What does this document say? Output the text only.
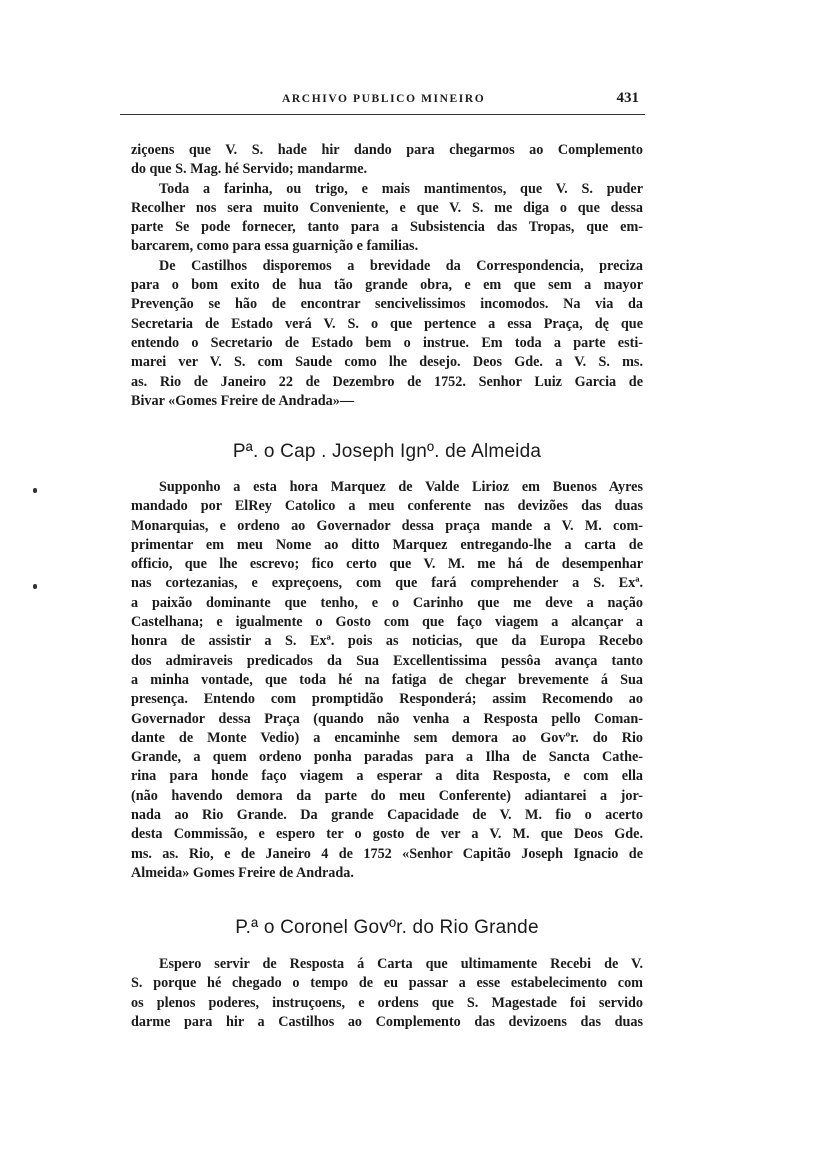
ARCHIVO PUBLICO MINEIRO	431
ziçoens que V. S. hade hir dando para chegarmos ao Complemento
do que S. Mag. hé Servido; mandarme.
Toda a farinha, ou trigo, e mais mantimentos, que V. S. puder
Recolher nos sera muito Conveniente, e que V. S. me diga o que dessa
parte Se pode fornecer, tanto para a Subsistencia das Tropas, que em-
barcarem, como para essa guarnição e familias.
De Castilhos disporemos a brevidade da Correspondencia, preciza
para o bom exito de hua tão grande obra, e em que sem a mayor
Prevenção se hão de encontrar sencivelissimos incomodos. Na via da
Secretaria de Estado verá V. S. o que pertence a essa Praça, dę que
entendo o Secretario de Estado bem o instrue. Em toda a parte esti-
marei ver V. S. com Saude como lhe desejo. Deos Gde. a V. S. ms.
as. Rio de Janeiro 22 de Dezembro de 1752. Senhor Luiz Garcia de
Bivar «Gomes Freire de Andrada»—
Pª. o Cap . Joseph Ignº. de Almeida
Supponho a esta hora Marquez de Valde Lirioz em Buenos Ayres
mandado por ElRey Catolico a meu conferente nas devizões das duas
Monarquias, e ordeno ao Governador dessa praça mande a V. M. com-
primentar em meu Nome ao ditto Marquez entregando-lhe a carta de
officio, que lhe escrevo; fico certo que V. M. me há de desempenhar
nas cortezanias, e expreçoens, com que fará comprehender a S. Exª.
a paixão dominante que tenho, e o Carinho que me deve a nação
Castelhana; e igualmente o Gosto com que faço viagem a alcançar a
honra de assistir a S. Exª. pois as noticias, que da Europa Recebo
dos admiraveis predicados da Sua Excellentissima pessôa avança tanto
a minha vontade, que toda hé na fatiga de chegar brevemente á Sua
presença. Entendo com promptidão Responderá; assim Recomendo ao
Governador dessa Praça (quando não venha a Resposta pello Coman-
dante de Monte Vedio) a encaminhe sem demora ao Govºr. do Rio
Grande, a quem ordeno ponha paradas para a Ilha de Sancta Cathe-
rina para honde faço viagem a esperar a dita Resposta, e com ella
(não havendo demora da parte do meu Conferente) adiantarei a jor-
nada ao Rio Grande. Da grande Capacidade de V. M. fio o acerto
desta Commissão, e espero ter o gosto de ver a V. M. que Deos Gde.
ms. as. Rio, e de Janeiro 4 de 1752 «Senhor Capitão Joseph Ignacio de
Almeida» Gomes Freire de Andrada.
P.ª o Coronel Govºr. do Rio Grande
Espero servir de Resposta á Carta que ultimamente Recebi de V.
S. porque hé chegado o tempo de eu passar a esse estabelecimento com
os plenos poderes, instruçoens, e ordens que S. Magestade foi servido
darme para hir a Castilhos ao Complemento das devizoens das duas
